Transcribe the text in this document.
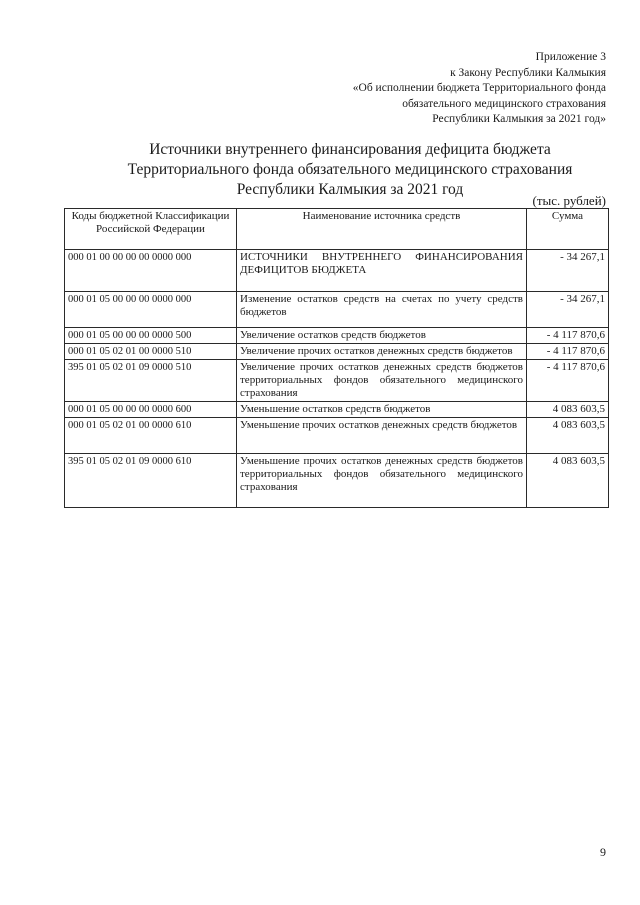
Приложение 3
к Закону Республики Калмыкия
«Об исполнении бюджета Территориального фонда
обязательного медицинского страхования
Республики Калмыкия за 2021 год»
Источники внутреннего финансирования дефицита бюджета
Территориального фонда обязательного медицинского страхования
Республики Калмыкия за 2021 год
(тыс. рублей)
Коды бюджетной Классификации Российской Федерации	Наименование источника средств	Сумма
000 01 00 00 00 00 0000 000	ИСТОЧНИКИ ВНУТРЕННЕГО ФИНАНСИРОВАНИЯ ДЕФИЦИТОВ БЮДЖЕТА	- 34 267,1
000 01 05 00 00 00 0000 000	Изменение остатков средств на счетах по учету средств бюджетов	- 34 267,1
000 01 05 00 00 00 0000 500	Увеличение остатков средств бюджетов	- 4 117 870,6
000 01 05 02 01 00 0000 510	Увеличение прочих остатков денежных средств бюджетов	- 4 117 870,6
395 01 05 02 01 09 0000 510	Увеличение прочих остатков денежных средств бюджетов территориальных фондов обязательного медицинского страхования	- 4 117 870,6
000 01 05 00 00 00 0000 600	Уменьшение остатков средств бюджетов	4 083 603,5
000 01 05 02 01 00 0000 610	Уменьшение прочих остатков денежных средств бюджетов	4 083 603,5
395 01 05 02 01 09 0000 610	Уменьшение прочих остатков денежных средств бюджетов территориальных фондов обязательного медицинского страхования	4 083 603,5
9
